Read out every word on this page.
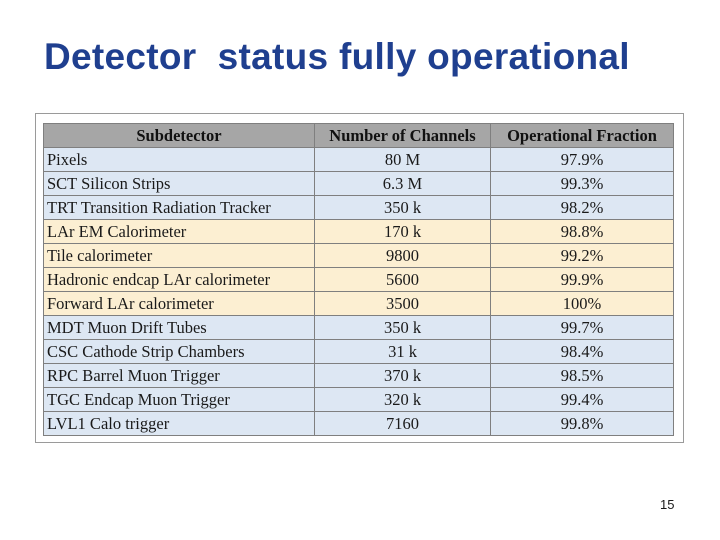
Detector  status fully operational
Subdetector	Number of Channels	Operational Fraction
Pixels	80 M	97.9%
SCT Silicon Strips	6.3 M	99.3%
TRT Transition Radiation Tracker	350 k	98.2%
LAr EM Calorimeter	170 k	98.8%
Tile calorimeter	9800	99.2%
Hadronic endcap LAr calorimeter	5600	99.9%
Forward LAr calorimeter	3500	100%
MDT Muon Drift Tubes	350 k	99.7%
CSC Cathode Strip Chambers	31 k	98.4%
RPC Barrel Muon Trigger	370 k	98.5%
TGC Endcap Muon Trigger	320 k	99.4%
LVL1 Calo trigger	7160	99.8%
15
